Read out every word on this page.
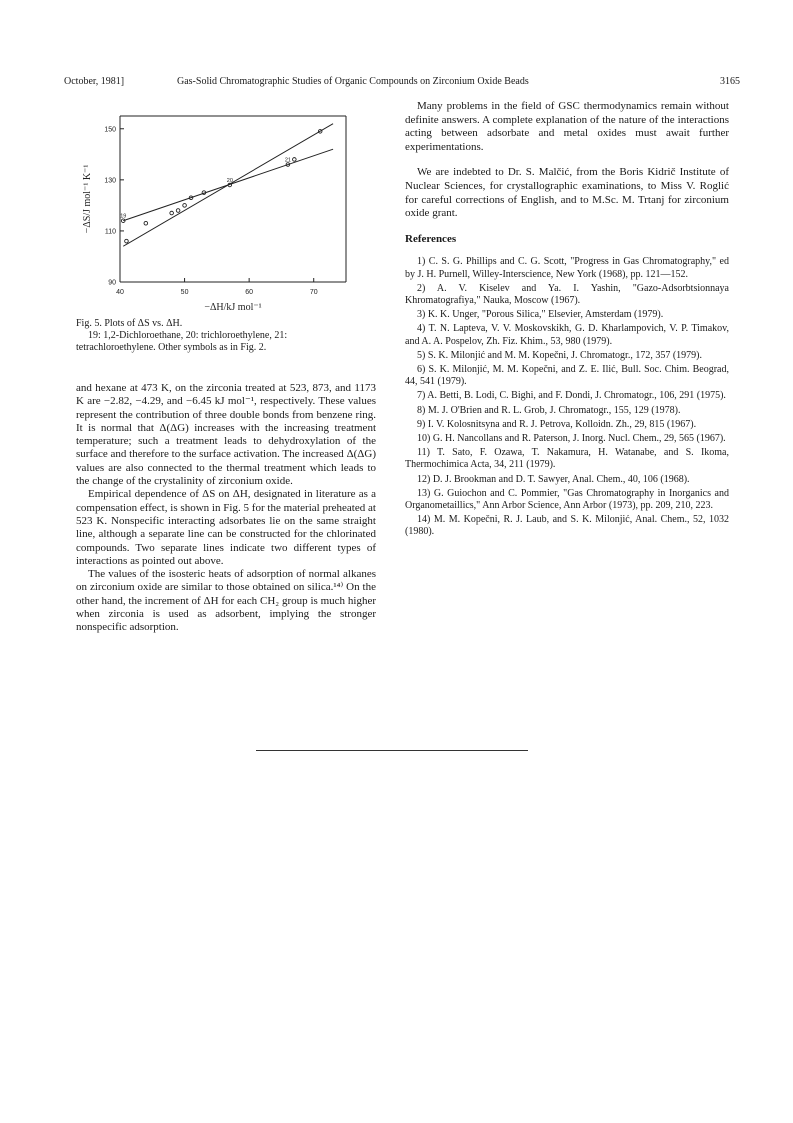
October, 1981]	Gas-Solid Chromatographic Studies of Organic Compounds on Zirconium Oxide Beads	3165
40	50	60	70
90
110
130
150
19
20
21
−ΔS/J mol⁻¹ K⁻¹
−ΔH/kJ mol⁻¹
Fig. 5. Plots of ΔS vs. ΔH.
19: 1,2-Dichloroethane, 20: trichloroethylene, 21:
tetrachloroethylene. Other symbols as in Fig. 2.

and hexane at 473 K, on the zirconia treated at 523, 873, and 1173 K are −2.82, −4.29, and −6.45 kJ mol⁻¹, respectively. These values represent the contribution of three double bonds from benzene ring. It is normal that Δ(ΔG) increases with the increasing treatment temperature; such a treatment leads to dehydroxylation of the surface and therefore to the surface activation. The increased Δ(ΔG) values are also connected to the thermal treatment which leads to the change of the crystalinity of zirconium oxide.

Empirical dependence of ΔS on ΔH, designated in literature as a compensation effect, is shown in Fig. 5 for the material preheated at 523 K. Nonspecific interacting adsorbates lie on the same straight line, although a separate line can be constructed for the chlorinated compounds. Two separate lines indicate two different types of interactions as pointed out above.

The values of the isosteric heats of adsorption of normal alkanes on zirconium oxide are similar to those obtained on silica.¹⁴⁾ On the other hand, the increment of ΔH for each CH₂ group is much higher when zirconia is used as adsorbent, implying the stronger nonspecific adsorption.

Many problems in the field of GSC thermodynamics remain without definite answers. A complete explanation of the nature of the interactions acting between adsorbate and metal oxides must await further experimentations.

We are indebted to Dr. S. Malčić, from the Boris Kidrič Institute of Nuclear Sciences, for crystallographic examinations, to Miss V. Roglić for careful corrections of English, and to M.Sc. M. Trtanj for zirconium oxide grant.

References
1) C. S. G. Phillips and C. G. Scott, "Progress in Gas Chromatography," ed by J. H. Purnell, Willey-Interscience, New York (1968), pp. 121—152.
2) A. V. Kiselev and Ya. I. Yashin, "Gazo-Adsorbtsionnaya Khromatografiya," Nauka, Moscow (1967).
3) K. K. Unger, "Porous Silica," Elsevier, Amsterdam (1979).
4) T. N. Lapteva, V. V. Moskovskikh, G. D. Kharlampovich, V. P. Timakov, and A. A. Pospelov, Zh. Fiz. Khim., 53, 980 (1979).
5) S. K. Milonjić and M. M. Kopečni, J. Chromatogr., 172, 357 (1979).
6) S. K. Milonjić, M. M. Kopečni, and Z. E. Ilić, Bull. Soc. Chim. Beograd, 44, 541 (1979).
7) A. Betti, B. Lodi, C. Bighi, and F. Dondi, J. Chromatogr., 106, 291 (1975).
8) M. J. O'Brien and R. L. Grob, J. Chromatogr., 155, 129 (1978).
9) I. V. Kolosnitsyna and R. J. Petrova, Kolloidn. Zh., 29, 815 (1967).
10) G. H. Nancollans and R. Paterson, J. Inorg. Nucl. Chem., 29, 565 (1967).
11) T. Sato, F. Ozawa, T. Nakamura, H. Watanabe, and S. Ikoma, Thermochimica Acta, 34, 211 (1979).
12) D. J. Brookman and D. T. Sawyer, Anal. Chem., 40, 106 (1968).
13) G. Guiochon and C. Pommier, "Gas Chromatography in Inorganics and Organometaillics," Ann Arbor Science, Ann Arbor (1973), pp. 209, 210, 223.
14) M. M. Kopečni, R. J. Laub, and S. K. Milonjić, Anal. Chem., 52, 1032 (1980).
